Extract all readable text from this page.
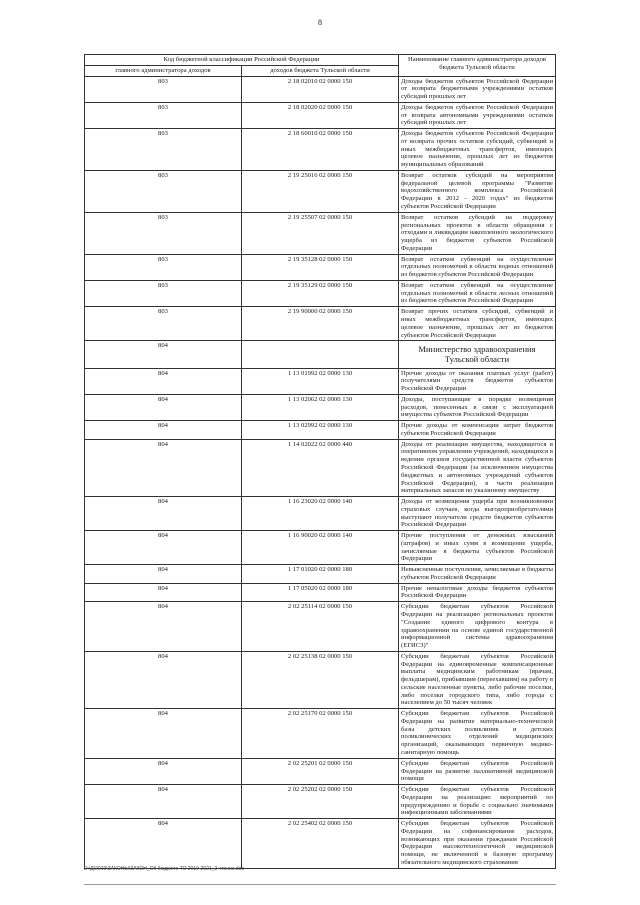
8
Код бюджетной классификации Российской Федерации		Наименование главного администратора доходов бюджета Тульской области
главного администратора доходов	доходов бюджета Тульской области	
803	2 18 02010 02 0000 150	Доходы бюджетов субъектов Российской Федерации от возврата бюджетными учреждениями остатков субсидий прошлых лет
803	2 18 02020 02 0000 150	Доходы бюджетов субъектов Российской Федерации от возврата автономными учреждениями остатков субсидий прошлых лет
803	2 18 60010 02 0000 150	Доходы бюджетов субъектов Российской Федерации от возврата прочих остатков субсидий, субвенций и иных межбюджетных трансфертов, имеющих целевое назначение, прошлых лет из бюджетов муниципальных образований
803	2 19 25016 02 0000 150	Возврат остатков субсидий на мероприятия федеральной целевой программы "Развитие водохозяйственного комплекса Российской Федерации в 2012 - 2020 годах" из бюджетов субъектов Российской Федерации
803	2 19 25507 02 0000 150	Возврат остатков субсидий на поддержку региональных проектов в области обращения с отходами и ликвидации накопленного экологического ущерба из бюджетов субъектов Российской Федерации
803	2 19 35128 02 0000 150	Возврат остатков субвенций на осуществление отдельных полномочий в области водных отношений из бюджетов субъектов Российской Федерации
803	2 19 35129 02 0000 150	Возврат остатков субвенций на осуществление отдельных полномочий в области лесных отношений из бюджетов субъектов Российской Федерации
803	2 19 90000 02 0000 150	Возврат прочих остатков субсидий, субвенций и иных межбюджетных трансфертов, имеющих целевое назначение, прошлых лет из бюджетов субъектов Российской Федерации
804		Министерство здравоохранения Тульской области
804	1 13 01992 02 0000 130	Прочие доходы от оказания платных услуг (работ) получателями средств бюджетов субъектов Российской Федерации
804	1 13 02062 02 0000 130	Доходы, поступающие в порядке возмещения расходов, понесенных в связи с эксплуатацией имущества субъектов Российской Федерации
804	1 13 02992 02 0000 130	Прочие доходы от компенсации затрат бюджетов субъектов Российской Федерации
804	1 14 02022 02 0000 440	Доходы от реализации имущества, находящегося в оперативном управлении учреждений, находящихся в ведении органов государственной власти субъектов Российской Федерации (за исключением имущества бюджетных и автономных учреждений субъектов Российской Федерации), в части реализации материальных запасов по указанному имуществу
804	1 16 23020 02 0000 140	Доходы от возмещения ущерба при возникновении страховых случаев, когда выгодоприобретателями выступают получатели средств бюджетов субъектов Российской Федерации
804	1 16 90020 02 0000 140	Прочие поступления от денежных взысканий (штрафов) и иных сумм в возмещение ущерба, зачисляемые в бюджеты субъектов Российской Федерации
804	1 17 01020 02 0000 180	Невыясненные поступления, зачисляемые в бюджеты субъектов Российской Федерации
804	1 17 05020 02 0000 180	Прочие неналоговые доходы бюджетов субъектов Российской Федерации
804	2 02 25114 02 0000 150	Субсидии бюджетам субъектов Российской Федерации на реализацию региональных проектов "Создание единого цифрового контура в здравоохранении на основе единой государственной информационной системы здравоохранения (ЕГИСЗ)"
804	2 02 25138 02 0000 150	Субсидии бюджетам субъектов Российской Федерации на единовременные компенсационные выплаты медицинским работникам (врачам, фельдшерам), прибывшим (переехавшим) на работу в сельские населенные пункты, либо рабочие поселки, либо поселки городского типа, либо города с населением до 50 тысяч человек
804	2 02 25170 02 0000 150	Субсидии бюджетам субъектов Российской Федерации на развитие материально-технической базы детских поликлиник и детских поликлинических отделений медицинских организаций, оказывающих первичную медико-санитарную помощь
804	2 02 25201 02 0000 150	Субсидии бюджетам субъектов Российской Федерации на развитие паллиативной медицинской помощи
804	2 02 25202 02 0000 150	Субсидии бюджетам субъектов Российской Федерации на реализацию мероприятий по предупреждению и борьбе с социально значимыми инфекционными заболеваниями
804	2 02 25402 02 0000 150	Субсидии бюджетам субъектов Российской Федерации на софинансирование расходов, возникающих при оказании гражданам Российской Федерации высокотехнологичной медицинской помощи, не включенной в базовую программу обязательного медицинского страхования
D:\Д\2019\ЗАКОНЫ\ЗАКОН_Об бюджете ТО 2019-2021_2 чтение.doc
